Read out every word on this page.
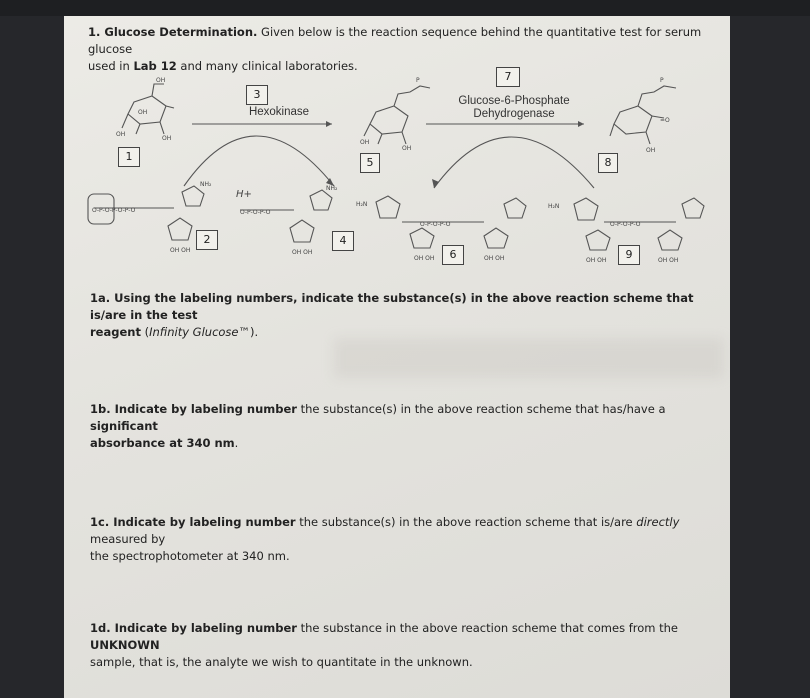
1. Glucose Determination. Given below is the reaction sequence behind the quantitative test for serum glucose
used in Lab 12 and many clinical laboratories.
OH
OH
OH
OH
P
OH
OH
P
=O
OH
O-P-O-P-O-P-O
OH OH
NH₂
O-P-O-P-O
OH OH
NH₂
O-P-O-P-O
H₂N
OH OH	OH OH
O-P-O-P-O
H₂N
OH OH	OH OH
H+
Hexokinase
Glucose-6-Phosphate
Dehydrogenase
1
2
3
4
5
6
7
8
9
1a. Using the labeling numbers, indicate the substance(s) in the above reaction scheme that is/are in the test
reagent (Infinity Glucose™).
1b. Indicate by labeling number the substance(s) in the above reaction scheme that has/have a significant
absorbance at 340 nm.
1c. Indicate by labeling number the substance(s) in the above reaction scheme that is/are directly measured by
the spectrophotometer at 340 nm.
1d. Indicate by labeling number the substance in the above reaction scheme that comes from the UNKNOWN
sample, that is, the analyte we wish to quantitate in the unknown.
